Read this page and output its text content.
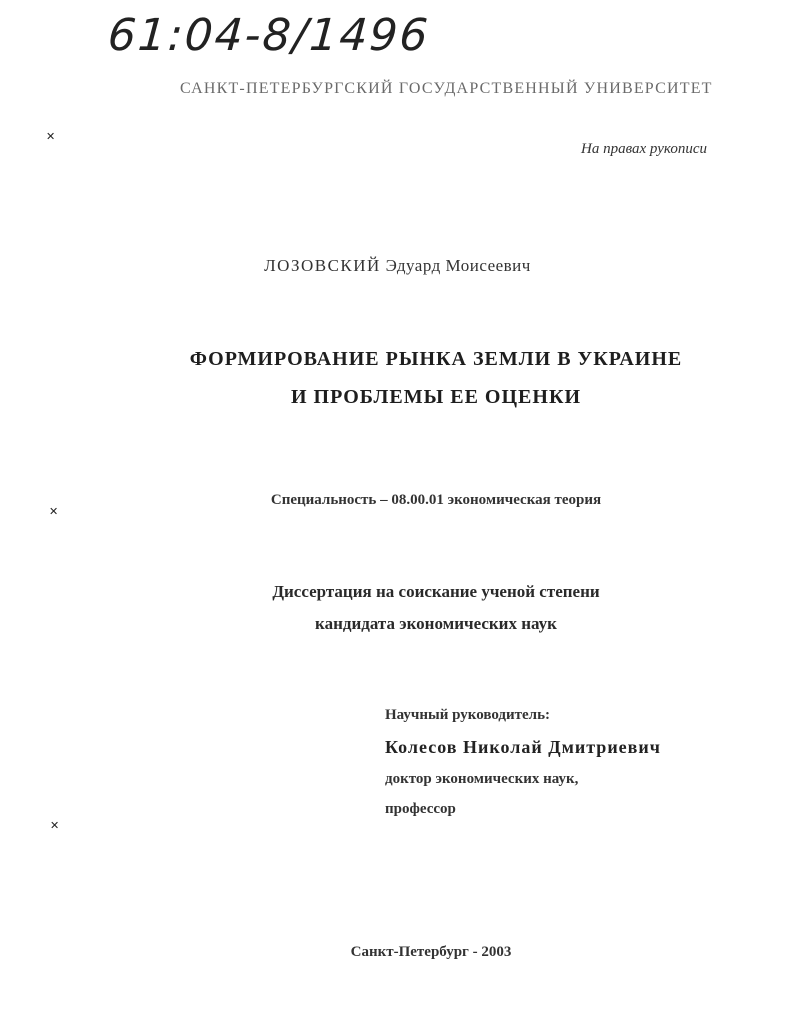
61:04-8/1496
САНКТ-ПЕТЕРБУРГСКИЙ ГОСУДАРСТВЕННЫЙ УНИВЕРСИТЕТ
На правах рукописи
ЛОЗОВСКИЙ Эдуард Моисеевич
ФОРМИРОВАНИЕ РЫНКА ЗЕМЛИ В УКРАИНЕ
И ПРОБЛЕМЫ ЕЕ ОЦЕНКИ
Специальность – 08.00.01 экономическая теория
Диссертация на соискание ученой степени
кандидата экономических наук
Научный руководитель:
Колесов Николай Дмитриевич
доктор экономических наук,
профессор
Санкт-Петербург - 2003
✕
✕
✕
